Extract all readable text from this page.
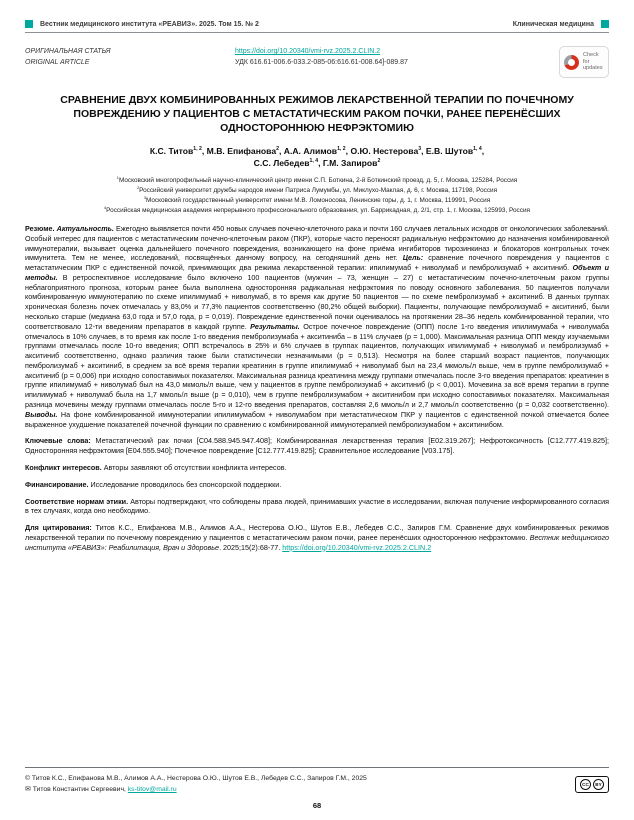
Вестник медицинского института «РЕАВИЗ». 2025. Том 15. № 2	Клиническая медицина
ОРИГИНАЛЬНАЯ СТАТЬЯ
ORIGINAL ARTICLE
https://doi.org/10.20340/vmi-rvz.2025.2.CLIN.2
УДК 616.61-006.6-033.2-085-06:616.61-008.64]-089.87
Check for
updates
СРАВНЕНИЕ ДВУХ КОМБИНИРОВАННЫХ РЕЖИМОВ ЛЕКАРСТВЕННОЙ ТЕРАПИИ ПО ПОЧЕЧНОМУ ПОВРЕЖДЕНИЮ У ПАЦИЕНТОВ С МЕТАСТАТИЧЕСКИМ РАКОМ ПОЧКИ, РАНЕЕ ПЕРЕНЁСШИХ ОДНОСТОРОННЮЮ НЕФРЭКТОМИЮ
К.С. Титов$^{1, 2}$, М.В. Епифанова$^2$, А.А. Алимов$^{1, 2}$, О.Ю. Нестерова$^3$, Е.В. Шутов$^{1, 4}$,
С.С. Лебедев$^{1, 4}$, Г.М. Запиров$^2$
$^1$Московский многопрофильный научно-клинический центр имени С.П. Боткина, 2-й Боткинский проезд, д. 5, г. Москва, 125284, Россия
$^2$Российский университет дружбы народов имени Патриса Лумумбы, ул. Миклухо-Маклая, д. 6, г. Москва, 117198, Россия
$^3$Московский государственный университет имени М.В. Ломоносова, Ленинские горы, д. 1, г. Москва, 119991, Россия
$^4$Российская медицинская академия непрерывного профессионального образования, ул. Баррикадная, д. 2/1, стр. 1, г. Москва, 125993, Россия
Резюме. Актуальность. Ежегодно выявляется почти 450 новых случаев почечно-клеточного рака и почти 160 случаев летальных исходов от онкологических заболеваний. Особый интерес для пациентов с метастатическим почечно-клеточным раком (ПКР), которые часто переносят радикальную нефрэктомию до назначения комбинированной иммунотерапии, вызывает оценка дальнейшего почечного повреждения, возникающего на фоне приёма ингибиторов тирозинкиназ и блокаторов контрольных точек иммунитета. Тем не менее, исследований, посвящённых данному вопросу, на сегодняшний день нет. Цель: сравнение почечного повреждения у пациентов с метастатическим ПКР с единственной почкой, принимающих два режима лекарственной терапии: ипилимумаб + ниволумаб и пембролизумаб + акситиниб. Объект и методы. В ретроспективное исследование было включено 100 пациентов (мужчин – 73, женщин – 27) с метастатическим почечно-клеточным раком группы неблагоприятного прогноза, которым ранее была выполнена односторонняя радикальная нефрэктомия по поводу основного заболевания. 50 пациентов получали комбинированную иммунотерапию по схеме ипилимумаб + ниволумаб, в то время как другие 50 пациентов — по схеме пембролизумаб + акситиниб. В данных группах хроническая болезнь почек отмечалась у 83,0% и 77,3% пациентов соответственно (80,2% общей выборки). Пациенты, получающие пембролизумаб + акситиниб, были несколько старше (медиана 63,0 года и 57,0 года, p = 0,019). Повреждение единственной почки оценивалось на протяжении 28–36 недель комбинированной терапии, что соответствовало 12-ти введениям препаратов в каждой группе. Результаты. Острое почечное повреждение (ОПП) после 1-го введения ипилимумаба + ниволумаба отмечалось в 10% случаев, в то время как после 1-го введения пембролизумаба + акситиниба – в 11% случаев (p = 1,000). Максимальная разница ОПП между изучаемыми группами отмечалась после 10-го введения; ОПП встречалось в 25% и 6% случаев в группах пациентов, получающих ипилимумаб + ниволумаб и пембролизумаб + акситиниб соответственно, однако различия также были статистически незначимыми (p = 0,513). Несмотря на более старший возраст пациентов, получающих пембролизумаб + акситиниб, в среднем за всё время терапии креатинин в группе ипилимумаб + ниволумаб был на 23,4 мкмоль/л выше, чем в группе пембролизумаб + акситиниб (p = 0,006) при исходно сопоставимых показателях. Максимальная разница креатинина между группами отмечалась после 3-го введения препаратов: креатинин в группе ипилимумаб + ниволумаб был на 43,0 мкмоль/л выше, чем у пациентов в группе пембролизумаб + акситиниб (p < 0,001). Мочевина за всё время терапии в группе ипилимумаб + ниволумаб была на 1,7 ммоль/л выше (p = 0,010), чем в группе пембролизумабом + акситинибом при исходно сопоставимых показателях. Максимальная разница мочевины между группами отмечалась после 5-го и 12-го введения препаратов, составляя 2,6 ммоль/л и 2,7 ммоль/л соответственно (p = 0,032 соответственно). Выводы. На фоне комбинированной иммунотерапии ипилимумабом + ниволумабом при метастатическом ПКР у пациентов с единственной почкой отмечается более выраженное ухудшение показателей почечной функции по сравнению с комбинированной иммунотерапией пембролизумабом + акситинибом.
Ключевые слова: Метастатический рак почки [C04.588.945.947.408]; Комбинированная лекарственная терапия [E02.319.267]; Нефротоксичность [C12.777.419.825]; Односторонняя нефрэктомия [E04.555.940]; Почечное повреждение [C12.777.419.825]; Сравнительное исследование [V03.175].
Конфликт интересов. Авторы заявляют об отсутствии конфликта интересов.
Финансирование. Исследование проводилось без спонсорской поддержки.
Соответствие нормам этики. Авторы подтверждают, что соблюдены права людей, принимавших участие в исследовании, включая получение информированного согласия в тех случаях, когда оно необходимо.
Для цитирования: Титов К.С., Епифанова М.В., Алимов А.А., Нестерова О.Ю., Шутов Е.В., Лебедев С.С., Запиров Г.М. Сравнение двух комбинированных режимов лекарственной терапии по почечному повреждению у пациентов с метастатическим раком почки, ранее перенёсших одностороннюю нефрэктомию. Вестник медицинского института «РЕАВИЗ»: Реабилитация, Врач и Здоровье. 2025;15(2):68-77. https://doi.org/10.20340/vmi-rvz.2025.2.CLIN.2
© Титов К.С., Епифанова М.В., Алимов А.А., Нестерова О.Ю., Шутов Е.В., Лебедев С.С., Запиров Г.М., 2025
✉ Титов Константин Сергеевич, ks-titov@mail.ru
CC	BY
68
